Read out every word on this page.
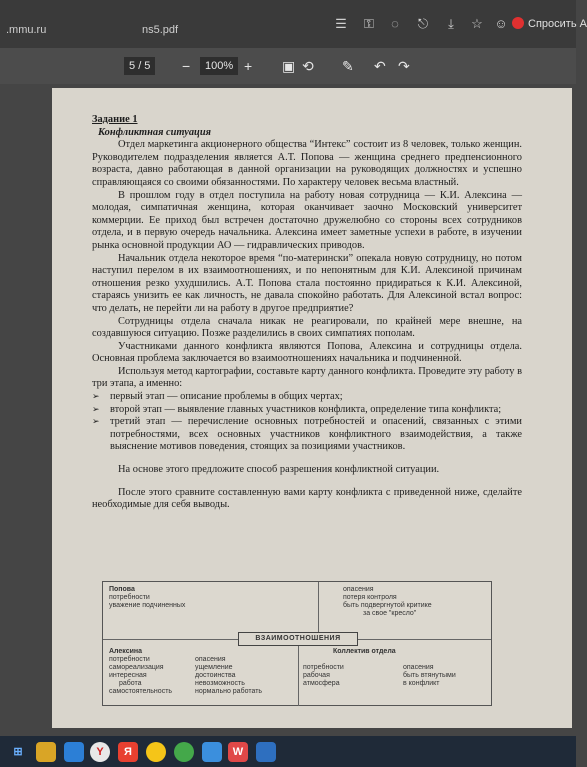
.mmu.ru	ns5.pdf	☰	⚿	◌	⎋	⤓	☆ ☺	Спросить А
5 / 5	−	100% + ▣ ⟲ ✎ ↶ ↷

Задание 1

Конфликтная ситуация

Отдел маркетинга акционерного общества “Интекс” состоит из 8 человек, только женщин. Руководителем подразделения является А.Т. Попова — женщина среднего предпенсионного возраста, давно работающая в данной организации на руководящих должностях и успешно справляющаяся со своими обязанностями. По характеру человек весьма властный.

В прошлом году в отдел поступила на работу новая сотрудница — К.И. Алексина — молодая, симпатичная женщина, которая оканчивает заочно Московский университет коммерции. Ее приход был встречен достаточно дружелюбно со стороны всех сотрудников отдела, и в первую очередь начальника. Алексина имеет заметные успехи в работе, в изучении рынка основной продукции АО — гидравлических приводов.

Начальник отдела некоторое время “по-матерински” опекала новую сотрудницу, но потом наступил перелом в их взаимоотношениях, и по непонятным для К.И. Алексиной причинам отношения резко ухудшились. А.Т. Попова стала постоянно придираться к К.И. Алексиной, стараясь унизить ее как личность, не давала спокойно работать. Для Алексиной встал вопрос: что делать, не перейти ли на работу в другое предприятие?

Сотрудницы отдела сначала никак не реагировали, по крайней мере внешне, на создавшуюся ситуацию. Позже разделились в своих симпатиях пополам.

Участниками данного конфликта являются Попова, Алексина и сотрудницы отдела. Основная проблема заключается во взаимоотношениях начальника и подчиненной.

Используя метод картографии, составьте карту данного конфликта. Проведите эту работу в три этапа, а именно:

➢ первый этап — описание проблемы в общих чертах;

➢ второй этап — выявление главных участников конфликта, определение типа конфликта;

➢ третий этап — перечисление основных потребностей и опасений, связанных с этими потребностями, всех основных участников конфликтного взаимодействия, а также выяснение мотивов поведения, стоящих за позициями участников.

На основе этого предложите способ разрешения конфликтной ситуации.

После этого сравните составленную вами карту конфликта с приведенной ниже, сделайте необходимые для себя выводы.

Попова
потребности
уважение подчиненных
опасения
потеря контроля
быть подвергнутой критике
за свое "кресло"
ВЗАИМООТНОШЕНИЯ
Алексина
потребности
самореализация
интересная
работа
самостоятельность
опасения
ущемление
достоинства
невозможность
нормально работать
Коллектив отдела
потребности
рабочая
атмосфера
опасения
быть втянутыми
в конфликт
⊞	Y	Я	W
